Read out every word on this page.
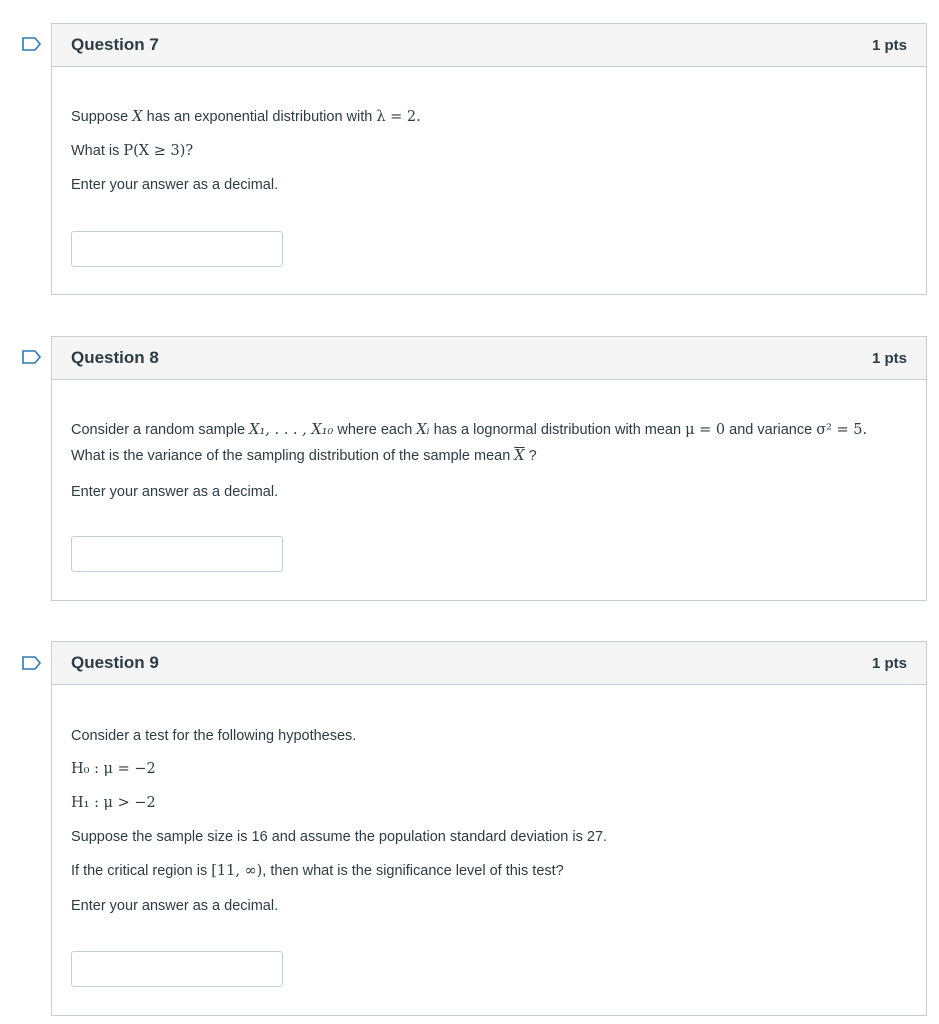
Question 7	1 pts
Suppose X has an exponential distribution with λ = 2.
What is P(X ≥ 3)?
Enter your answer as a decimal.
Question 8	1 pts
Consider a random sample X₁, . . . , X₁₀ where each Xᵢ has a lognormal distribution with mean μ = 0 and variance σ² = 5.
What is the variance of the sampling distribution of the sample mean $\overline{X}$ ?
Enter your answer as a decimal.
Question 9	1 pts
Consider a test for the following hypotheses.
H₀ : μ = −2
H₁ : μ > −2
Suppose the sample size is 16 and assume the population standard deviation is 27.
If the critical region is [11, ∞), then what is the significance level of this test?
Enter your answer as a decimal.
